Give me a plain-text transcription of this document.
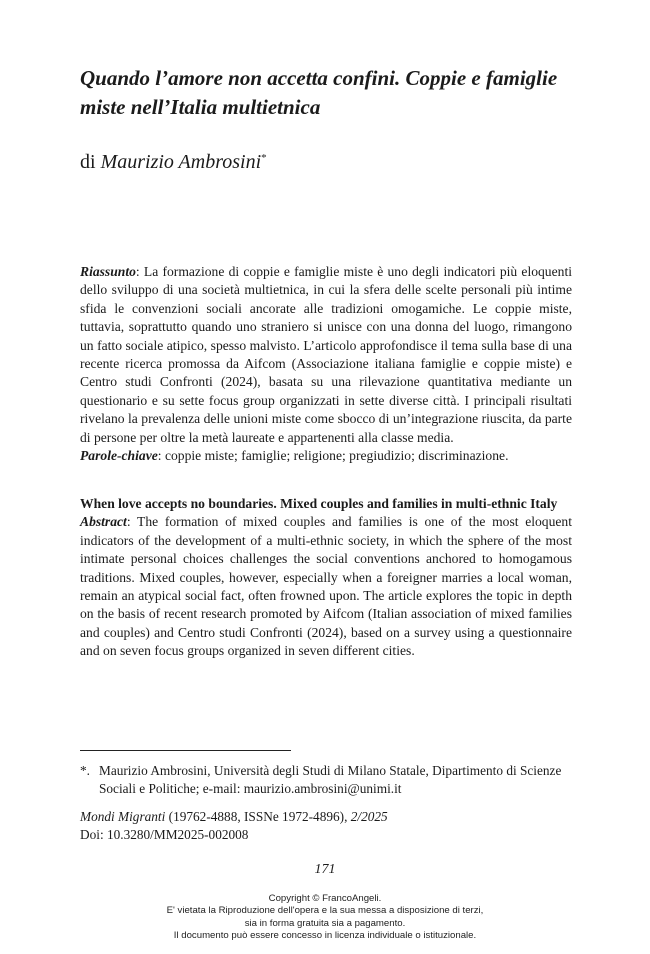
Quando l’amore non accetta confini. Coppie e famiglie miste nell’Italia multietnica

di Maurizio Ambrosini*

Riassunto: La formazione di coppie e famiglie miste è uno degli indicatori più eloquenti dello sviluppo di una società multietnica, in cui la sfera delle scelte personali più intime sfida le convenzioni sociali ancorate alle tradizioni omogamiche. Le coppie miste, tuttavia, soprattutto quando uno straniero si unisce con una donna del luogo, rimangono un fatto sociale atipico, spesso malvisto. L’articolo approfondisce il tema sulla base di una recente ricerca promossa da Aifcom (Associazione italiana famiglie e coppie miste) e Centro studi Confronti (2024), basata su una rilevazione quantitativa mediante un questionario e su sette focus group organizzati in sette diverse città. I principali risultati rivelano la prevalenza delle unioni miste come sbocco di un’integrazione riuscita, da parte di persone per oltre la metà laureate e appartenenti alla classe media.
Parole-chiave: coppie miste; famiglie; religione; pregiudizio; discriminazione.

When love accepts no boundaries. Mixed couples and families in multi-ethnic Italy
Abstract: The formation of mixed couples and families is one of the most eloquent indicators of the development of a multi-ethnic society, in which the sphere of the most intimate personal choices challenges the social conventions anchored to homogamous traditions. Mixed couples, however, especially when a foreigner marries a local woman, remain an atypical social fact, often frowned upon. The article explores the topic in depth on the basis of recent research promoted by Aifcom (Italian association of mixed families and couples) and Centro studi Confronti (2024), based on a survey using a questionnaire and on seven focus groups organized in seven different cities.

*. Maurizio Ambrosini, Università degli Studi di Milano Statale, Dipartimento di Scienze Sociali e Politiche; e-mail: maurizio.ambrosini@unimi.it

Mondi Migranti (19762-4888, ISSNe 1972-4896), 2/2025
Doi: 10.3280/MM2025-002008

171
Copyright © FrancoAngeli.
E' vietata la Riproduzione dell'opera e la sua messa a disposizione di terzi,
sia in forma gratuita sia a pagamento.
Il documento può essere concesso in licenza individuale o istituzionale.
